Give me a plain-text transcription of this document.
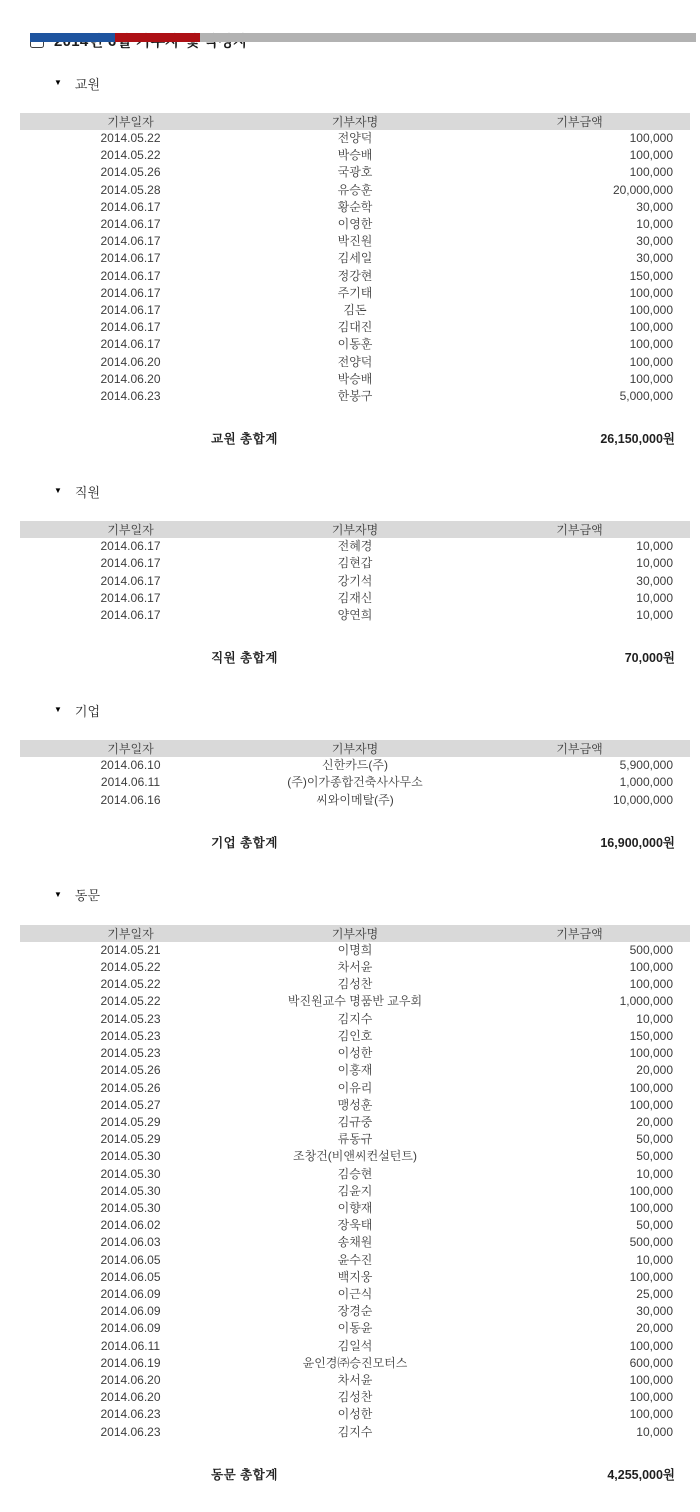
▼ 교원
기부일자	기부자명	기부금액
2014.05.22	전양덕	100,000
2014.05.22	박승배	100,000
2014.05.26	국광호	100,000
2014.05.28	유승훈	20,000,000
2014.06.17	황순학	30,000
2014.06.17	이영한	10,000
2014.06.17	박진원	30,000
2014.06.17	김세일	30,000
2014.06.17	정강현	150,000
2014.06.17	주기태	100,000
2014.06.17	김돈	100,000
2014.06.17	김대진	100,000
2014.06.17	이동훈	100,000
2014.06.20	전양덕	100,000
2014.06.20	박승배	100,000
2014.06.23	한봉구	5,000,000
교원 총합계	26,150,000원
▼ 직원
기부일자	기부자명	기부금액
2014.06.17	전혜경	10,000
2014.06.17	김현갑	10,000
2014.06.17	강기석	30,000
2014.06.17	김재신	10,000
2014.06.17	양연희	10,000
직원 총합계	70,000원
▼ 기업
기부일자	기부자명	기부금액
2014.06.10	신한카드(주)	5,900,000
2014.06.11	(주)이가종합건축사사무소	1,000,000
2014.06.16	씨와이메탈(주)	10,000,000
기업 총합계	16,900,000원
▼ 동문
기부일자	기부자명	기부금액
2014.05.21	이명희	500,000
2014.05.22	차서윤	100,000
2014.05.22	김성찬	100,000
2014.05.22	박진원교수 명품반 교우회	1,000,000
2014.05.23	김지수	10,000
2014.05.23	김인호	150,000
2014.05.23	이성한	100,000
2014.05.26	이홍재	20,000
2014.05.26	이유리	100,000
2014.05.27	맹성훈	100,000
2014.05.29	김규중	20,000
2014.05.29	류동규	50,000
2014.05.30	조창건(비앤씨컨설턴트)	50,000
2014.05.30	김승현	10,000
2014.05.30	김윤지	100,000
2014.05.30	이향재	100,000
2014.06.02	장욱태	50,000
2014.06.03	송채원	500,000
2014.06.05	윤수진	10,000
2014.06.05	백지웅	100,000
2014.06.09	이근식	25,000
2014.06.09	장경순	30,000
2014.06.09	이동윤	20,000
2014.06.11	김일석	100,000
2014.06.19	윤인경㈜승진모터스	600,000
2014.06.20	차서윤	100,000
2014.06.20	김성찬	100,000
2014.06.23	이성한	100,000
2014.06.23	김지수	10,000
동문 총합계	4,255,000원
